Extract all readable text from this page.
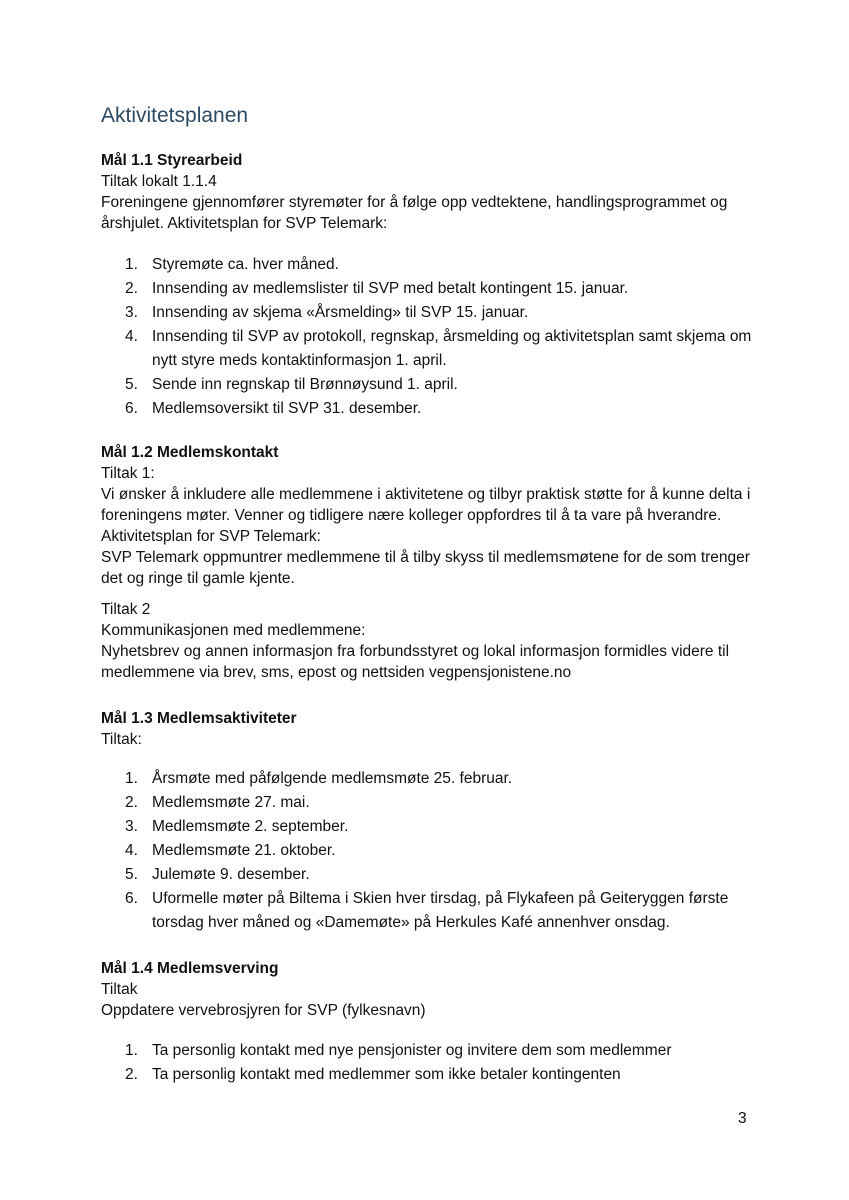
Aktivitetsplanen
Mål 1.1 Styrearbeid
Tiltak lokalt 1.1.4
Foreningene gjennomfører styremøter for å følge opp vedtektene, handlingsprogrammet og årshjulet. Aktivitetsplan for SVP Telemark:
1. Styremøte ca. hver måned.
2. Innsending av medlemslister til SVP med betalt kontingent 15. januar.
3. Innsending av skjema «Årsmelding» til SVP 15. januar.
4. Innsending til SVP av protokoll, regnskap, årsmelding og aktivitetsplan samt skjema om nytt styre meds kontaktinformasjon 1. april.
5. Sende inn regnskap til Brønnøysund 1. april.
6. Medlemsoversikt til SVP 31. desember.
Mål 1.2 Medlemskontakt
Tiltak 1:
Vi ønsker å inkludere alle medlemmene i aktivitetene og tilbyr praktisk støtte for å kunne delta i foreningens møter. Venner og tidligere nære kolleger oppfordres til å ta vare på hverandre. Aktivitetsplan for SVP Telemark:
SVP Telemark oppmuntrer medlemmene til å tilby skyss til medlemsmøtene for de som trenger det og ringe til gamle kjente.
Tiltak 2
Kommunikasjonen med medlemmene:
Nyhetsbrev og annen informasjon fra forbundsstyret og lokal informasjon formidles videre til medlemmene via brev, sms, epost og nettsiden vegpensjonistene.no
Mål 1.3 Medlemsaktiviteter
Tiltak:
1. Årsmøte med påfølgende medlemsmøte 25. februar.
2. Medlemsmøte 27. mai.
3. Medlemsmøte 2. september.
4. Medlemsmøte 21. oktober.
5. Julemøte 9. desember.
6. Uformelle møter på Biltema i Skien hver tirsdag, på Flykafeen på Geiteryggen første torsdag hver måned og «Damemøte» på Herkules Kafé annenhver onsdag.
Mål 1.4 Medlemsverving
Tiltak
Oppdatere vervebrosjyren for SVP (fylkesnavn)
1. Ta personlig kontakt med nye pensjonister og invitere dem som medlemmer
2. Ta personlig kontakt med medlemmer som ikke betaler kontingenten
3
